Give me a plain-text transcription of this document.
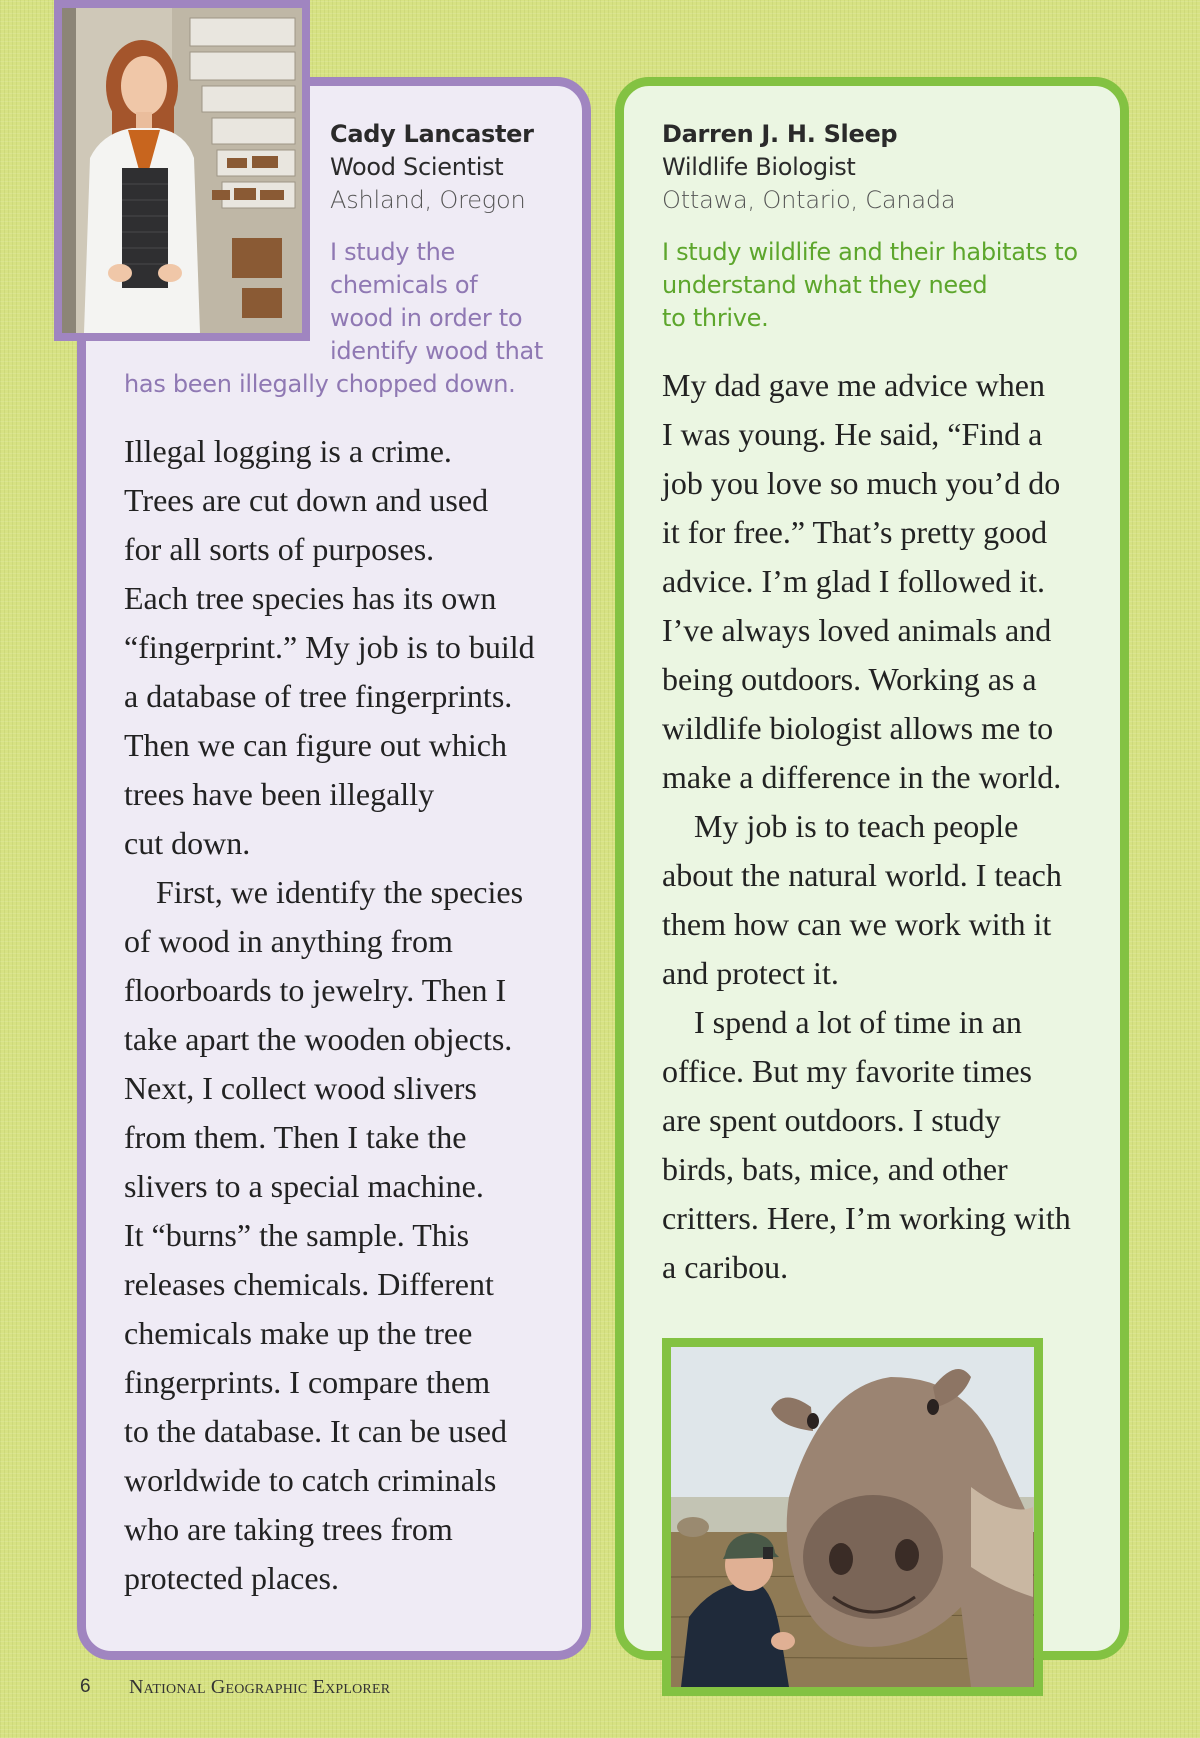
Cady Lancaster
Wood Scientist
Ashland, Oregon
I study the
chemicals of
wood in order to
identify wood that
has been illegally chopped down.
Illegal logging is a crime.
Trees are cut down and used
for all sorts of purposes.
Each tree species has its own
“fingerprint.” My job is to build
a database of tree fingerprints.
Then we can figure out which
trees have been illegally
cut down.
First, we identify the species
of wood in anything from
floorboards to jewelry. Then I
take apart the wooden objects.
Next, I collect wood slivers
from them. Then I take the
slivers to a special machine.
It “burns” the sample. This
releases chemicals. Different
chemicals make up the tree
fingerprints. I compare them
to the database. It can be used
worldwide to catch criminals
who are taking trees from
protected places.
Darren J. H. Sleep
Wildlife Biologist
Ottawa, Ontario, Canada
I study wildlife and their habitats to
understand what they need
to thrive.
My dad gave me advice when
I was young. He said, “Find a
job you love so much you’d do
it for free.” That’s pretty good
advice. I’m glad I followed it.
I’ve always loved animals and
being outdoors. Working as a
wildlife biologist allows me to
make a difference in the world.
My job is to teach people
about the natural world. I teach
them how can we work with it
and protect it.
I spend a lot of time in an
office. But my favorite times
are spent outdoors. I study
birds, bats, mice, and other
critters. Here, I’m working with
a caribou.
6 National Geographic Explorer
